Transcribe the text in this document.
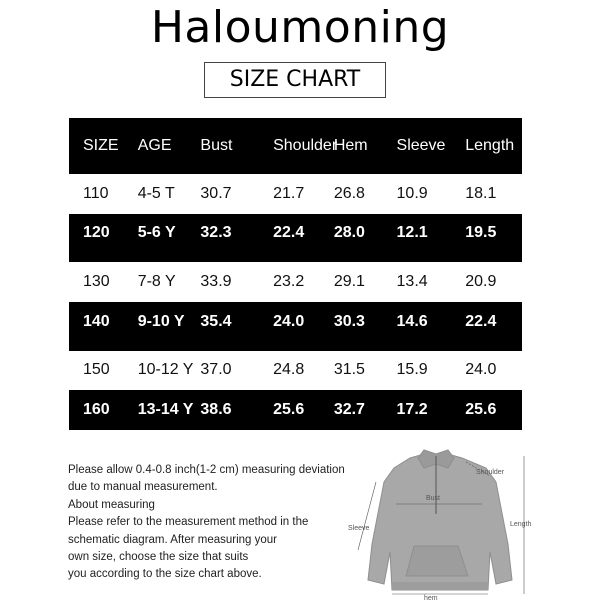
Haloumoning
SIZE CHART
SIZE	AGE	Bust	Shoulder	Hem	Sleeve	Length
110	4-5 T	30.7	21.7	26.8	10.9	18.1
120	5-6 Y	32.3	22.4	28.0	12.1	19.5

130	7-8 Y	33.9	23.2	29.1	13.4	20.9
140	9-10 Y	35.4	24.0	30.3	14.6	22.4

150	10-12 Y	37.0	24.8	31.5	15.9	24.0
160	13-14 Y	38.6	25.6	32.7	17.2	25.6

Please allow 0.4-0.8 inch(1-2 cm) measuring deviation

due to manual measurement.

About measuring

Please refer to the measurement method in the

schematic diagram. After measuring your

own size, choose the size that suits

you according to the size chart above.

Shoulder
Bust
Sleeve
Length
hem
